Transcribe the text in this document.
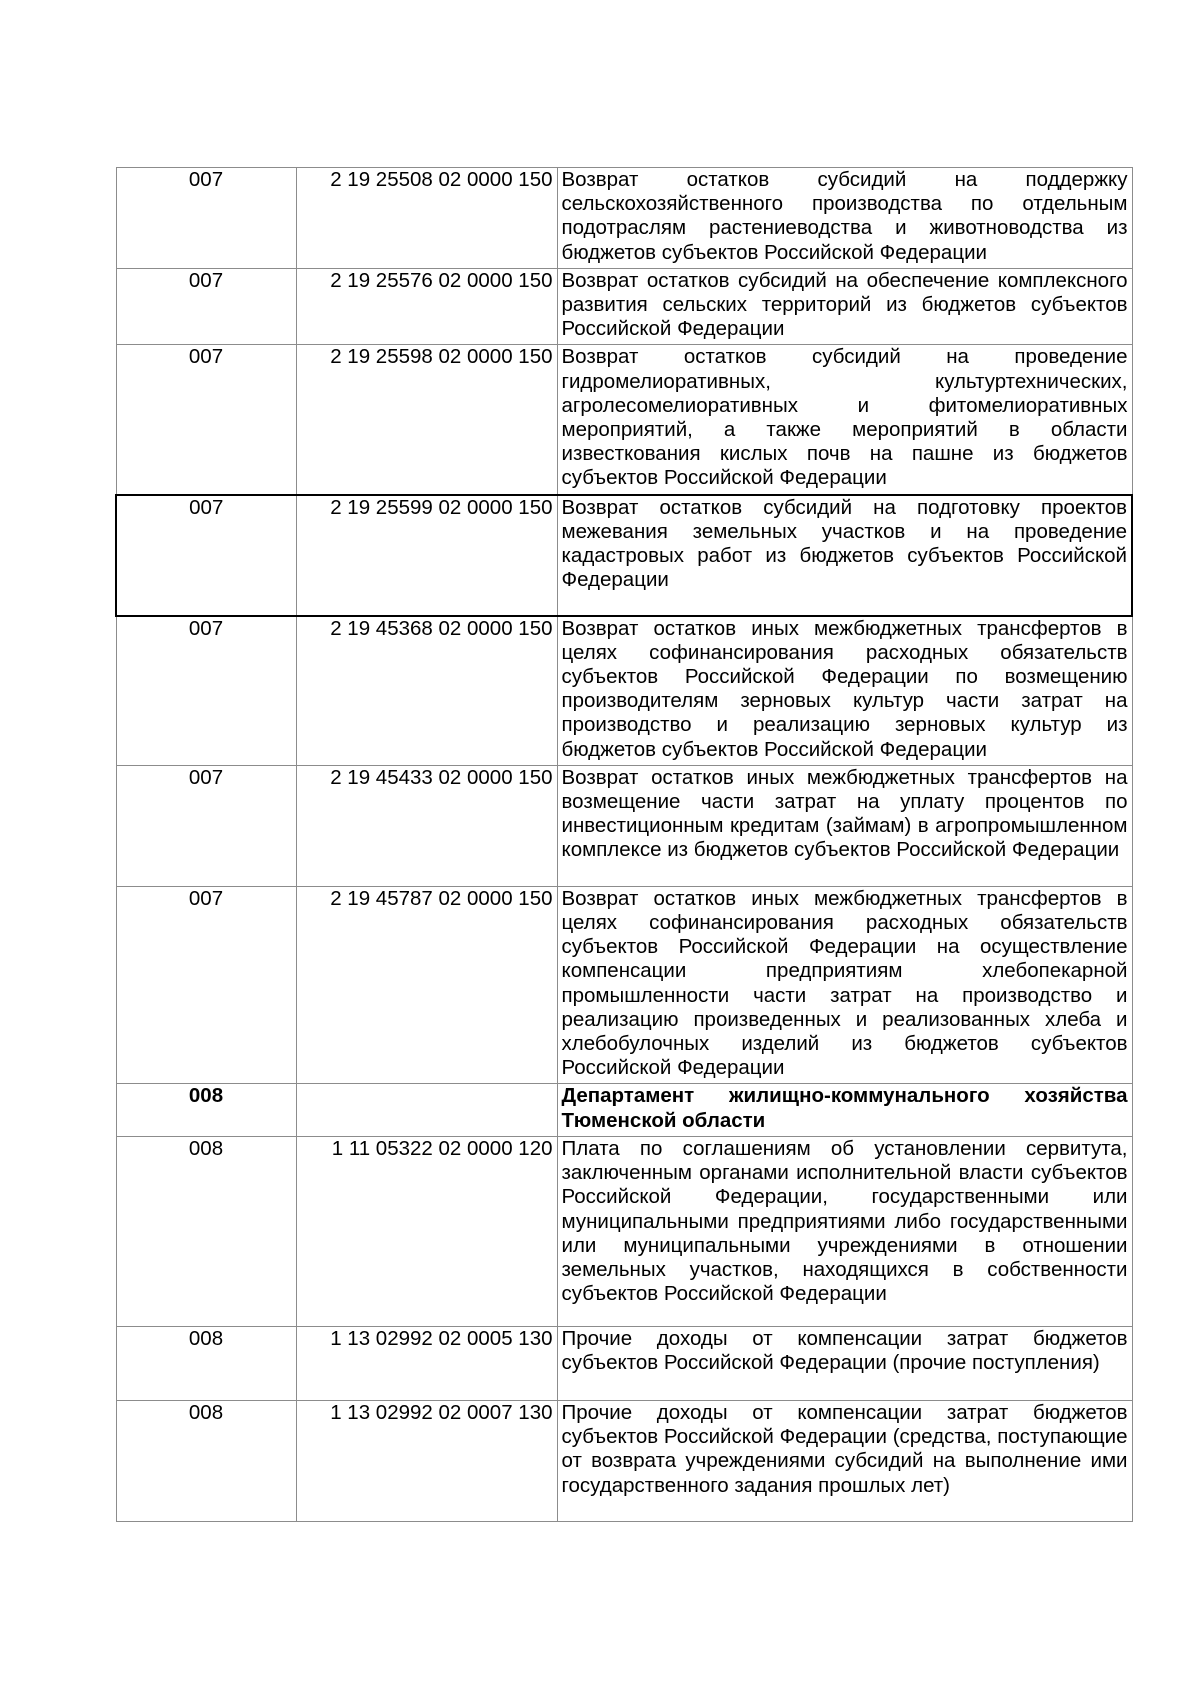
007	2 19 25508 02 0000 150	Возврат остатков субсидий на поддержку сельскохозяйственного производства по отдельным подотраслям растениеводства и животноводства из бюджетов субъектов Российской Федерации

007	2 19 25576 02 0000 150	Возврат остатков субсидий на обеспечение комплексного развития сельских территорий из бюджетов субъектов Российской Федерации

007	2 19 25598 02 0000 150	Возврат остатков субсидий на проведение гидромелиоративных, культуртехнических, агролесомелиоративных и фитомелиоративных мероприятий, а также мероприятий в области известкования кислых почв на пашне из бюджетов субъектов Российской Федерации

007	2 19 25599 02 0000 150	Возврат остатков субсидий на подготовку проектов межевания земельных участков и на проведение кадастровых работ из бюджетов субъектов Российской Федерации

007	2 19 45368 02 0000 150	Возврат остатков иных межбюджетных трансфертов в целях софинансирования расходных обязательств субъектов Российской Федерации по возмещению производителям зерновых культур части затрат на производство и реализацию зерновых культур из бюджетов субъектов Российской Федерации

007	2 19 45433 02 0000 150	Возврат остатков иных межбюджетных трансфертов на возмещение части затрат на уплату процентов по инвестиционным кредитам (займам) в агропромышленном комплексе из бюджетов субъектов Российской Федерации

007	2 19 45787 02 0000 150	Возврат остатков иных межбюджетных трансфертов в целях софинансирования расходных обязательств субъектов Российской Федерации на осуществление компенсации предприятиям хлебопекарной промышленности части затрат на производство и реализацию произведенных и реализованных хлеба и хлебобулочных изделий из бюджетов субъектов Российской Федерации

008		Департамент жилищно-коммунального хозяйства Тюменской области

008	1 11 05322 02 0000 120	Плата по соглашениям об установлении сервитута, заключенным органами исполнительной власти субъектов Российской Федерации, государственными или муниципальными предприятиями либо государственными или муниципальными учреждениями в отношении земельных участков, находящихся в собственности субъектов Российской Федерации

008	1 13 02992 02 0005 130	Прочие доходы от компенсации затрат бюджетов субъектов Российской Федерации (прочие поступления)

008	1 13 02992 02 0007 130	Прочие доходы от компенсации затрат бюджетов субъектов Российской Федерации (средства, поступающие от возврата учреждениями субсидий на выполнение ими государственного задания прошлых лет)
